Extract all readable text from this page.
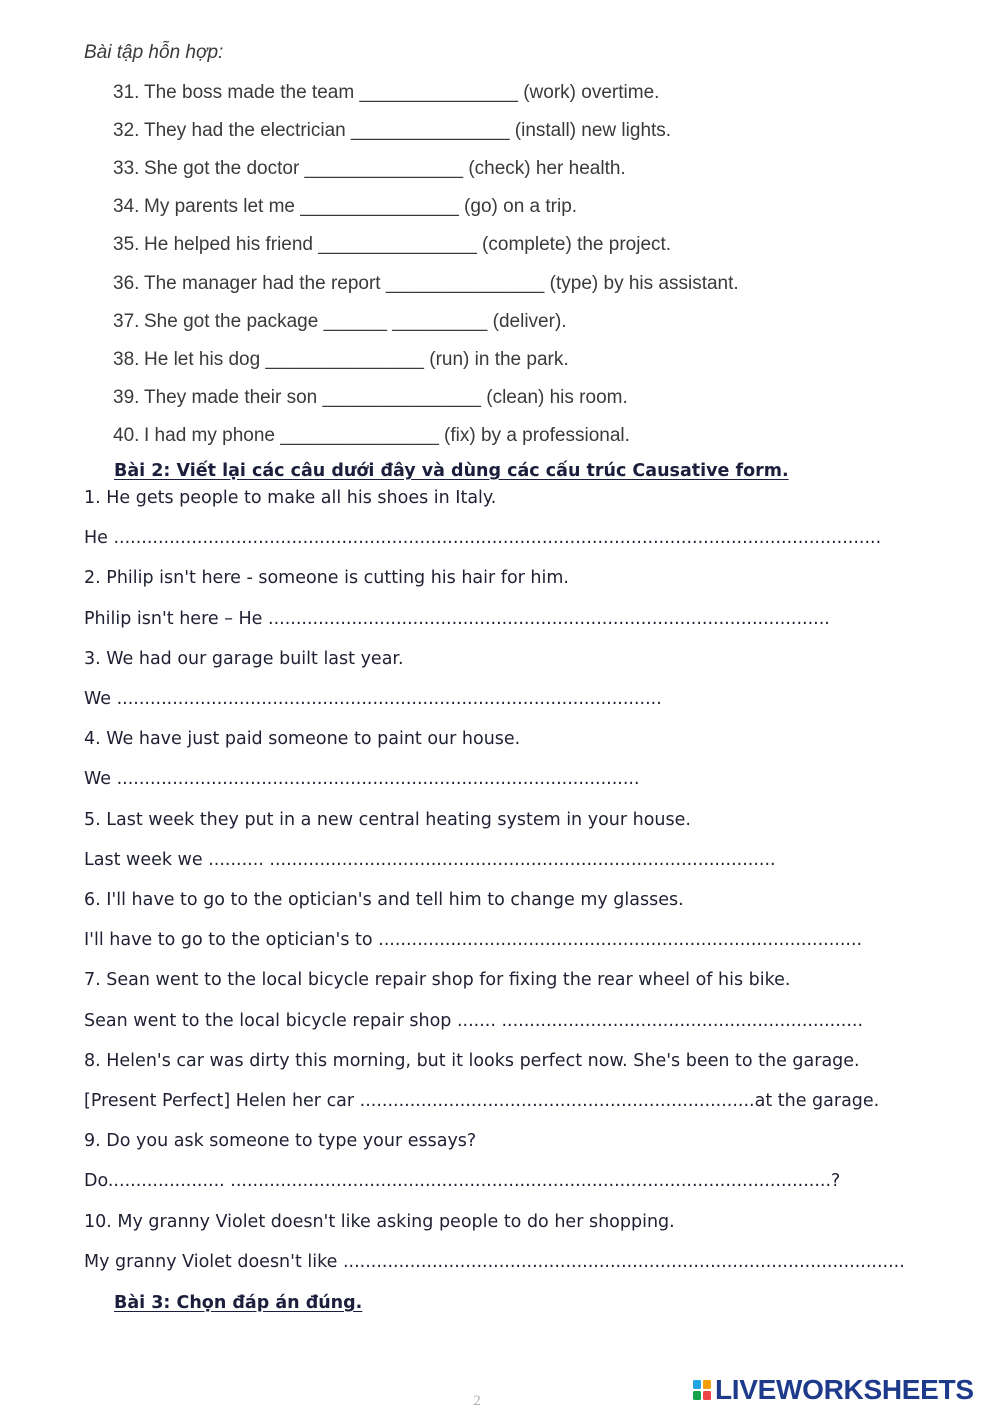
Bài tập hỗn hợp:
31. The boss made the team _______________ (work) overtime.
32. They had the electrician _______________ (install) new lights.
33. She got the doctor _______________ (check) her health.
34. My parents let me _______________ (go) on a trip.
35. He helped his friend _______________ (complete) the project.
36. The manager had the report _______________ (type) by his assistant.
37. She got the package ______ _________ (deliver).
38. He let his dog _______________ (run) in the park.
39. They made their son _______________ (clean) his room.
40. I had my phone _______________ (fix) by a professional.
Bài 2: Viết lại các câu dưới đây và dùng các cấu trúc Causative form.
1. He gets people to make all his shoes in Italy.
He ..........................................................................................................................................
2. Philip isn't here - someone is cutting his hair for him.
Philip isn't here – He .....................................................................................................
3. We had our garage built last year.
We ..................................................................................................
4. We have just paid someone to paint our house.
We ..............................................................................................
5. Last week they put in a new central heating system in your house.
Last week we .......... ...........................................................................................
6. I'll have to go to the optician's and tell him to change my glasses.
I'll have to go to the optician's to .......................................................................................
7. Sean went to the local bicycle repair shop for fixing the rear wheel of his bike.
Sean went to the local bicycle repair shop ....... .................................................................
8. Helen's car was dirty this morning, but it looks perfect now. She's been to the garage.
[Present Perfect] Helen her car .......................................................................at the garage.
9. Do you ask someone to type your essays?
Do..................... ............................................................................................................?
10. My granny Violet doesn't like asking people to do her shopping.
My granny Violet doesn't like .....................................................................................................
Bài 3: Chọn đáp án đúng.
2	LIVEWORKSHEETS
